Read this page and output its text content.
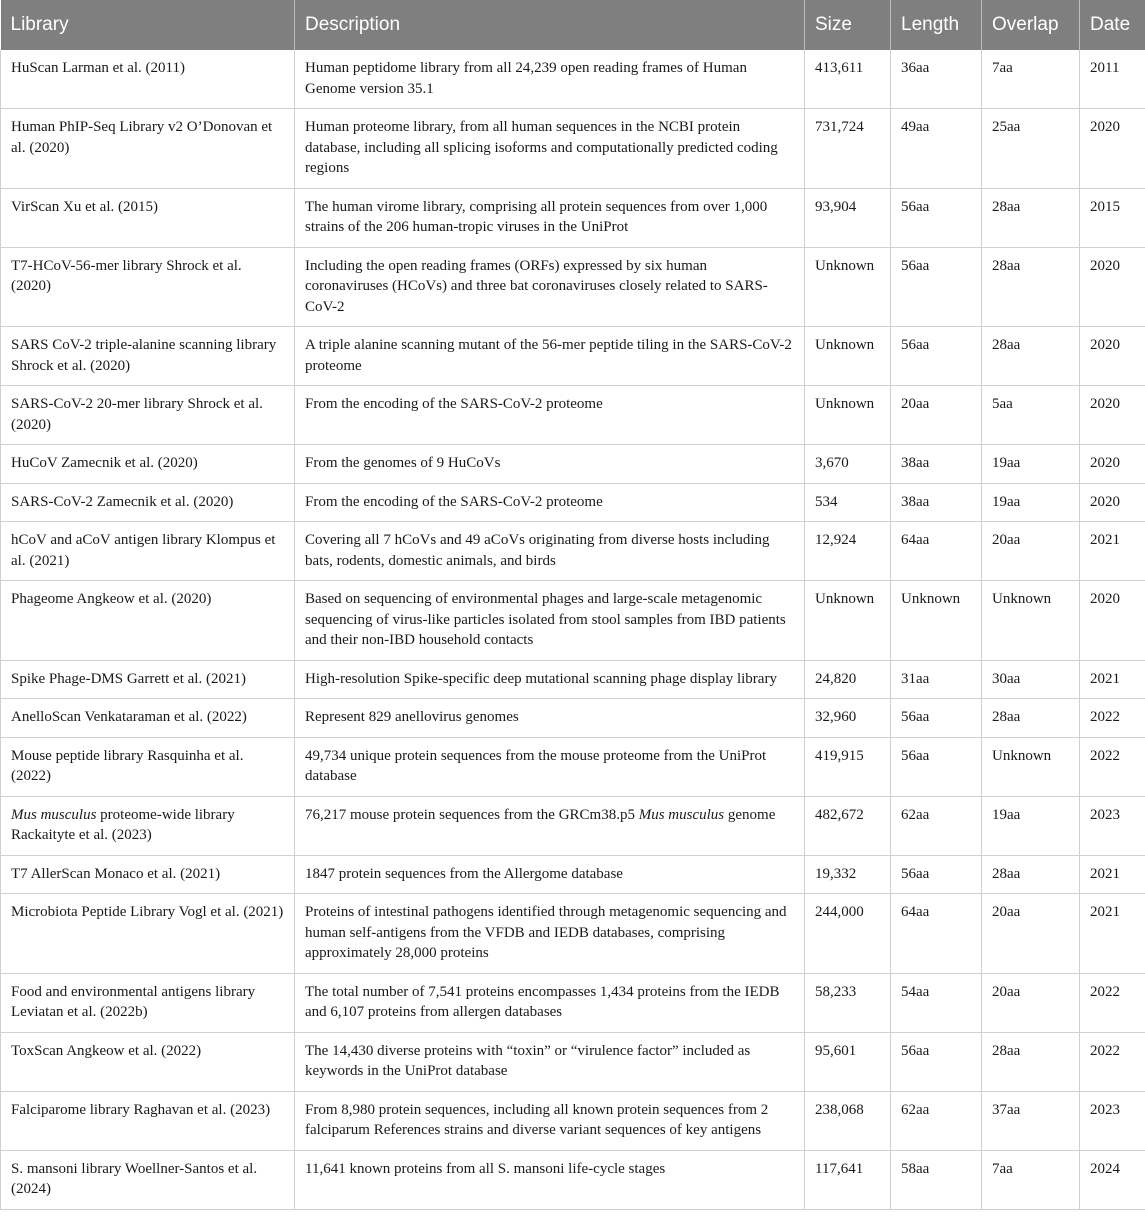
Library	Description	Size	Length	Overlap	Date
HuScan Larman et al. (2011)	Human peptidome library from all 24,239 open reading frames of Human Genome version 35.1	413,611	36aa	7aa	2011
Human PhIP-Seq Library v2 O’Donovan et al. (2020)	Human proteome library, from all human sequences in the NCBI protein database, including all splicing isoforms and computationally predicted coding regions	731,724	49aa	25aa	2020
VirScan Xu et al. (2015)	The human virome library, comprising all protein sequences from over 1,000 strains of the 206 human-tropic viruses in the UniProt	93,904	56aa	28aa	2015
T7-HCoV-56-mer library Shrock et al. (2020)	Including the open reading frames (ORFs) expressed by six human coronaviruses (HCoVs) and three bat coronaviruses closely related to SARS-CoV-2	Unknown	56aa	28aa	2020
SARS CoV-2 triple-alanine scanning library Shrock et al. (2020)	A triple alanine scanning mutant of the 56-mer peptide tiling in the SARS-CoV-2 proteome	Unknown	56aa	28aa	2020
SARS-CoV-2 20-mer library Shrock et al. (2020)	From the encoding of the SARS-CoV-2 proteome	Unknown	20aa	5aa	2020
HuCoV Zamecnik et al. (2020)	From the genomes of 9 HuCoVs	3,670	38aa	19aa	2020
SARS-CoV-2 Zamecnik et al. (2020)	From the encoding of the SARS-CoV-2 proteome	534	38aa	19aa	2020
hCoV and aCoV antigen library Klompus et al. (2021)	Covering all 7 hCoVs and 49 aCoVs originating from diverse hosts including bats, rodents, domestic animals, and birds	12,924	64aa	20aa	2021
Phageome Angkeow et al. (2020)	Based on sequencing of environmental phages and large-scale metagenomic sequencing of virus-like particles isolated from stool samples from IBD patients and their non-IBD household contacts	Unknown	Unknown	Unknown	2020
Spike Phage-DMS Garrett et al. (2021)	High-resolution Spike-specific deep mutational scanning phage display library	24,820	31aa	30aa	2021
AnelloScan Venkataraman et al. (2022)	Represent 829 anellovirus genomes	32,960	56aa	28aa	2022
Mouse peptide library Rasquinha et al. (2022)	49,734 unique protein sequences from the mouse proteome from the UniProt database	419,915	56aa	Unknown	2022
Mus musculus proteome-wide library Rackaityte et al. (2023)	76,217 mouse protein sequences from the GRCm38.p5 Mus musculus genome	482,672	62aa	19aa	2023
T7 AllerScan Monaco et al. (2021)	1847 protein sequences from the Allergome database	19,332	56aa	28aa	2021
Microbiota Peptide Library Vogl et al. (2021)	Proteins of intestinal pathogens identified through metagenomic sequencing and human self-antigens from the VFDB and IEDB databases, comprising approximately 28,000 proteins	244,000	64aa	20aa	2021
Food and environmental antigens library Leviatan et al. (2022b)	The total number of 7,541 proteins encompasses 1,434 proteins from the IEDB and 6,107 proteins from allergen databases	58,233	54aa	20aa	2022
ToxScan Angkeow et al. (2022)	The 14,430 diverse proteins with “toxin” or “virulence factor” included as keywords in the UniProt database	95,601	56aa	28aa	2022
Falciparome library Raghavan et al. (2023)	From 8,980 protein sequences, including all known protein sequences from 2 falciparum References strains and diverse variant sequences of key antigens	238,068	62aa	37aa	2023
S. mansoni library Woellner-Santos et al. (2024)	11,641 known proteins from all S. mansoni life-cycle stages	117,641	58aa	7aa	2024
